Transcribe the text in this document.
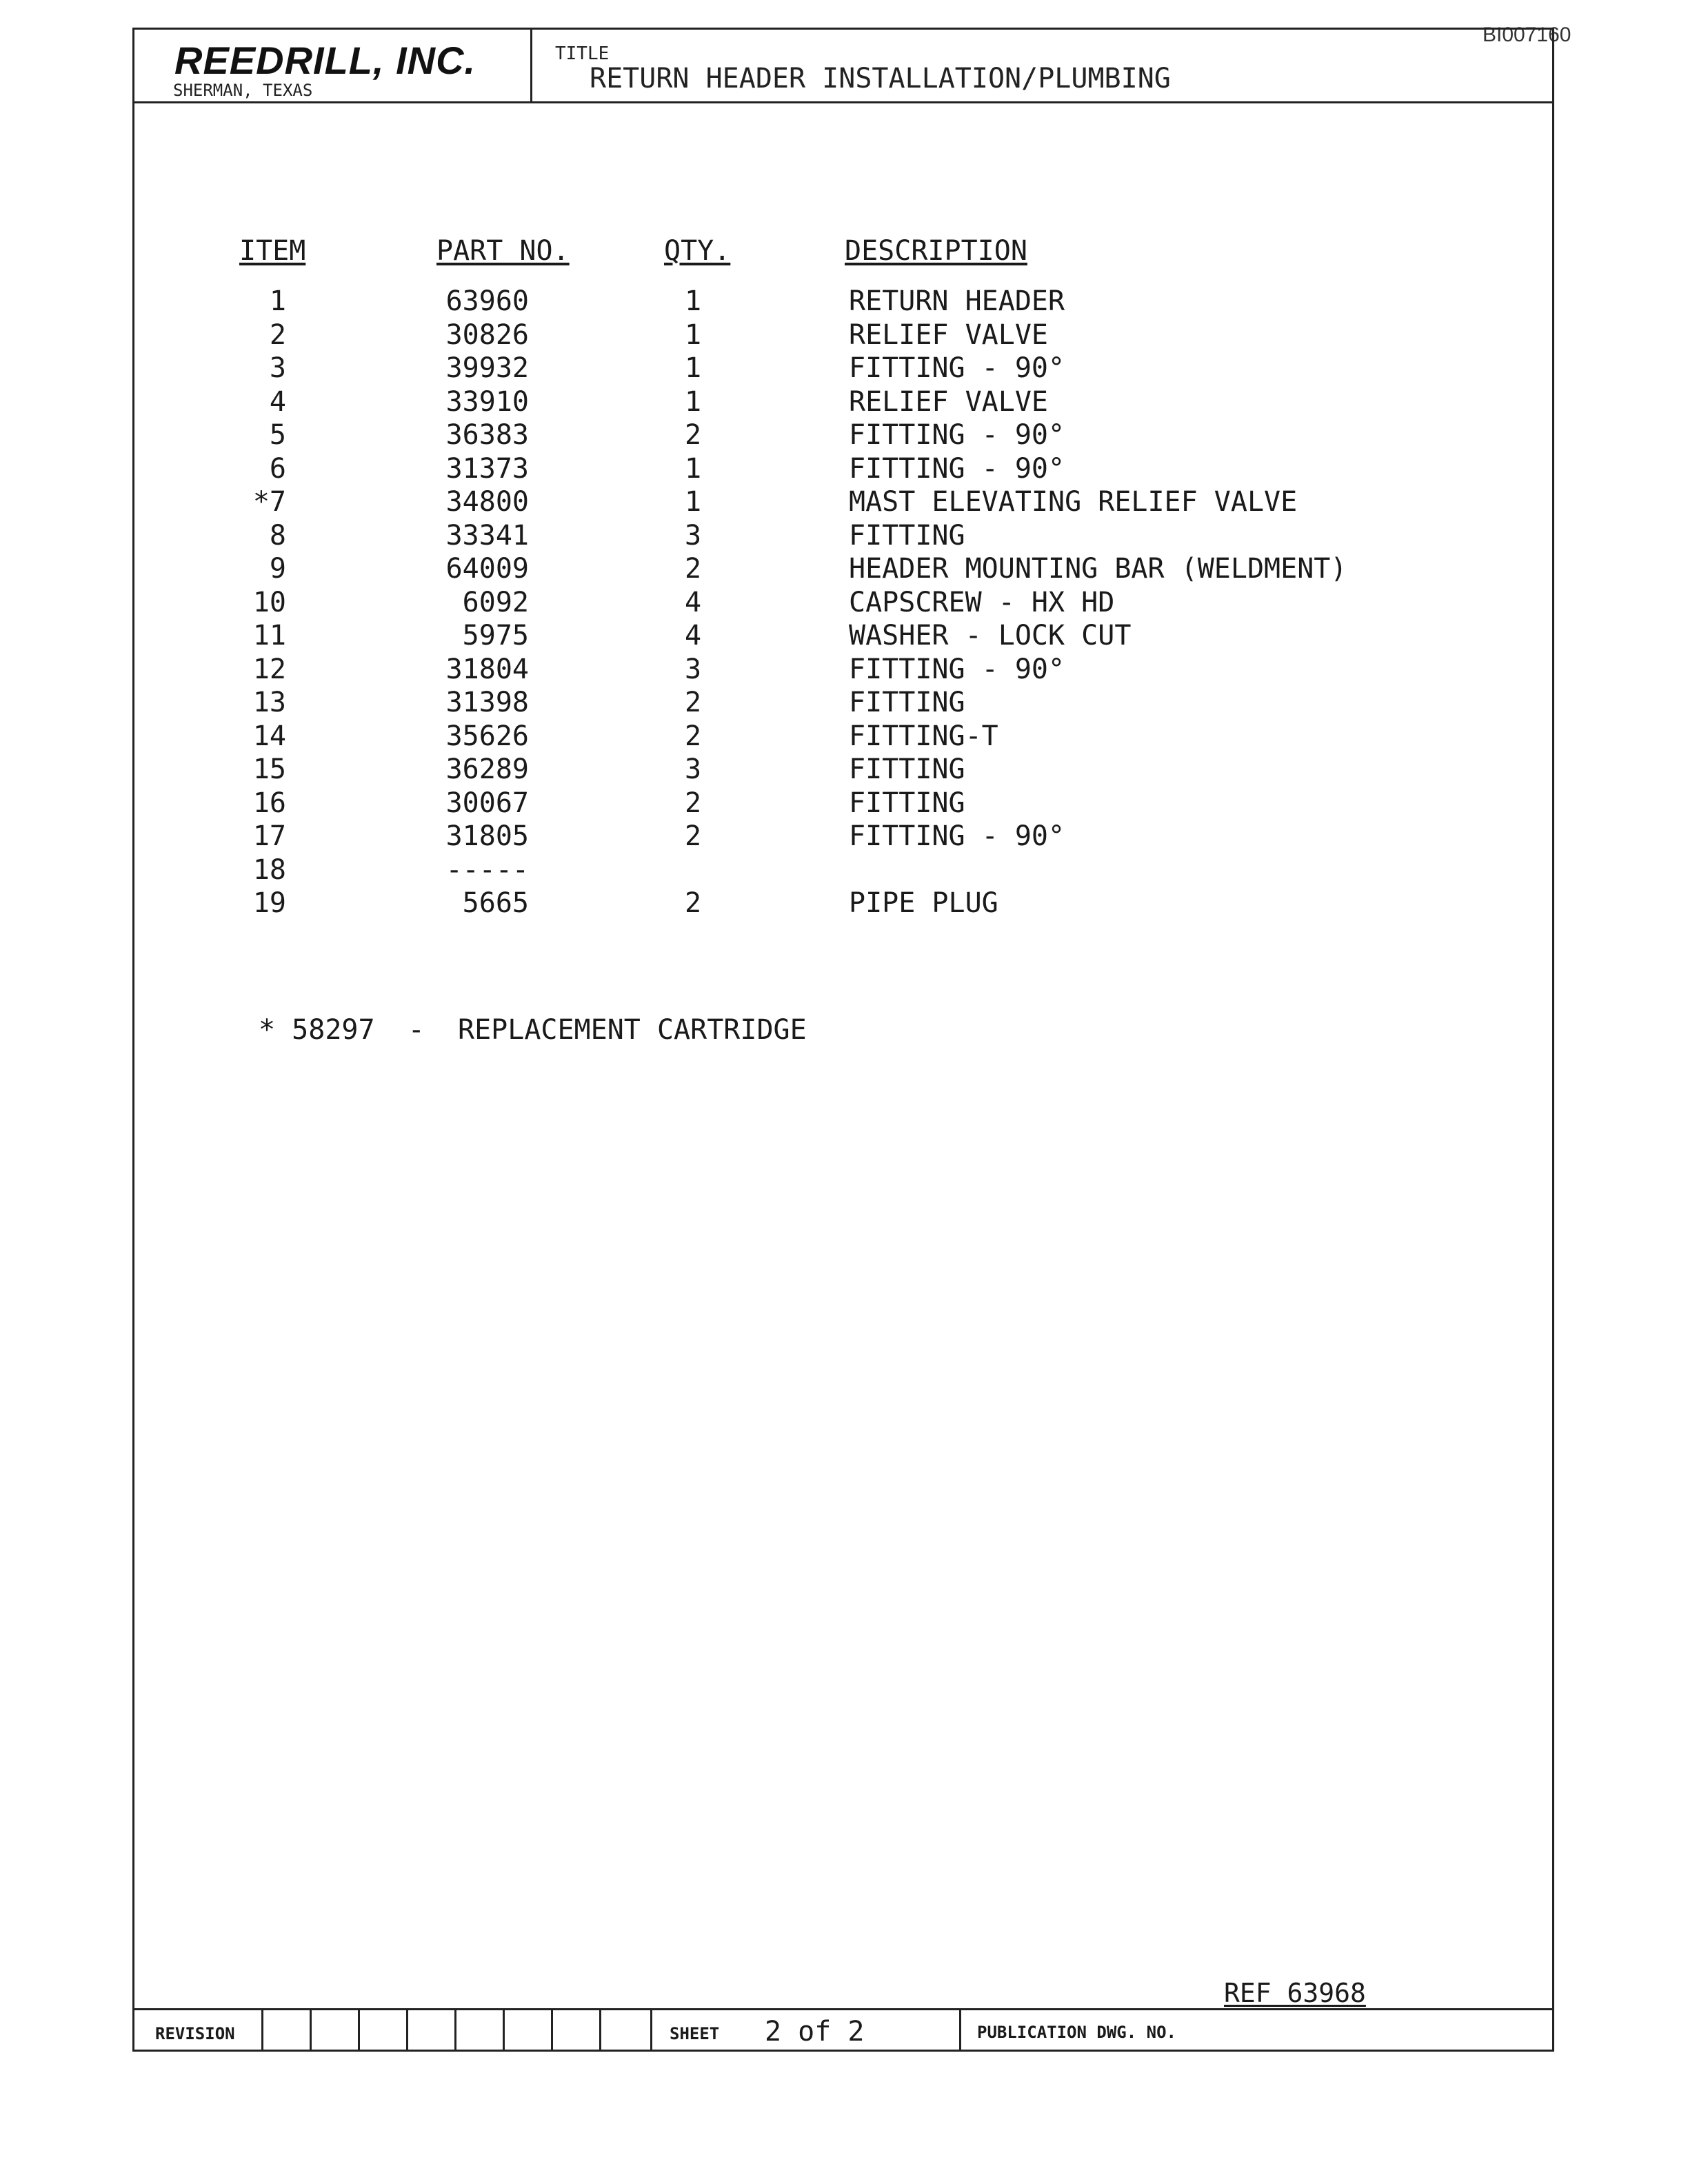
BI007160
REEDRILL, INC.
SHERMAN, TEXAS
TITLE
RETURN HEADER INSTALLATION/PLUMBING
ITEM	PART NO.	QTY.	DESCRIPTION
1	63960	1	RETURN HEADER
2	30826	1	RELIEF VALVE
3	39932	1	FITTING - 90°
4	33910	1	RELIEF VALVE
5	36383	2	FITTING - 90°
6	31373	1	FITTING - 90°
*7	34800	1	MAST ELEVATING RELIEF VALVE
8	33341	3	FITTING
9	64009	2	HEADER MOUNTING BAR (WELDMENT)
10	6092	4	CAPSCREW - HX HD
11	5975	4	WASHER - LOCK CUT
12	31804	3	FITTING - 90°
13	31398	2	FITTING
14	35626	2	FITTING-T
15	36289	3	FITTING
16	30067	2	FITTING
17	31805	2	FITTING - 90°
18	-----
19	5665	2	PIPE PLUG
* 58297  -  REPLACEMENT CARTRIDGE
REF 63968
REVISION	SHEET 2 of 2	PUBLICATION DWG. NO.
